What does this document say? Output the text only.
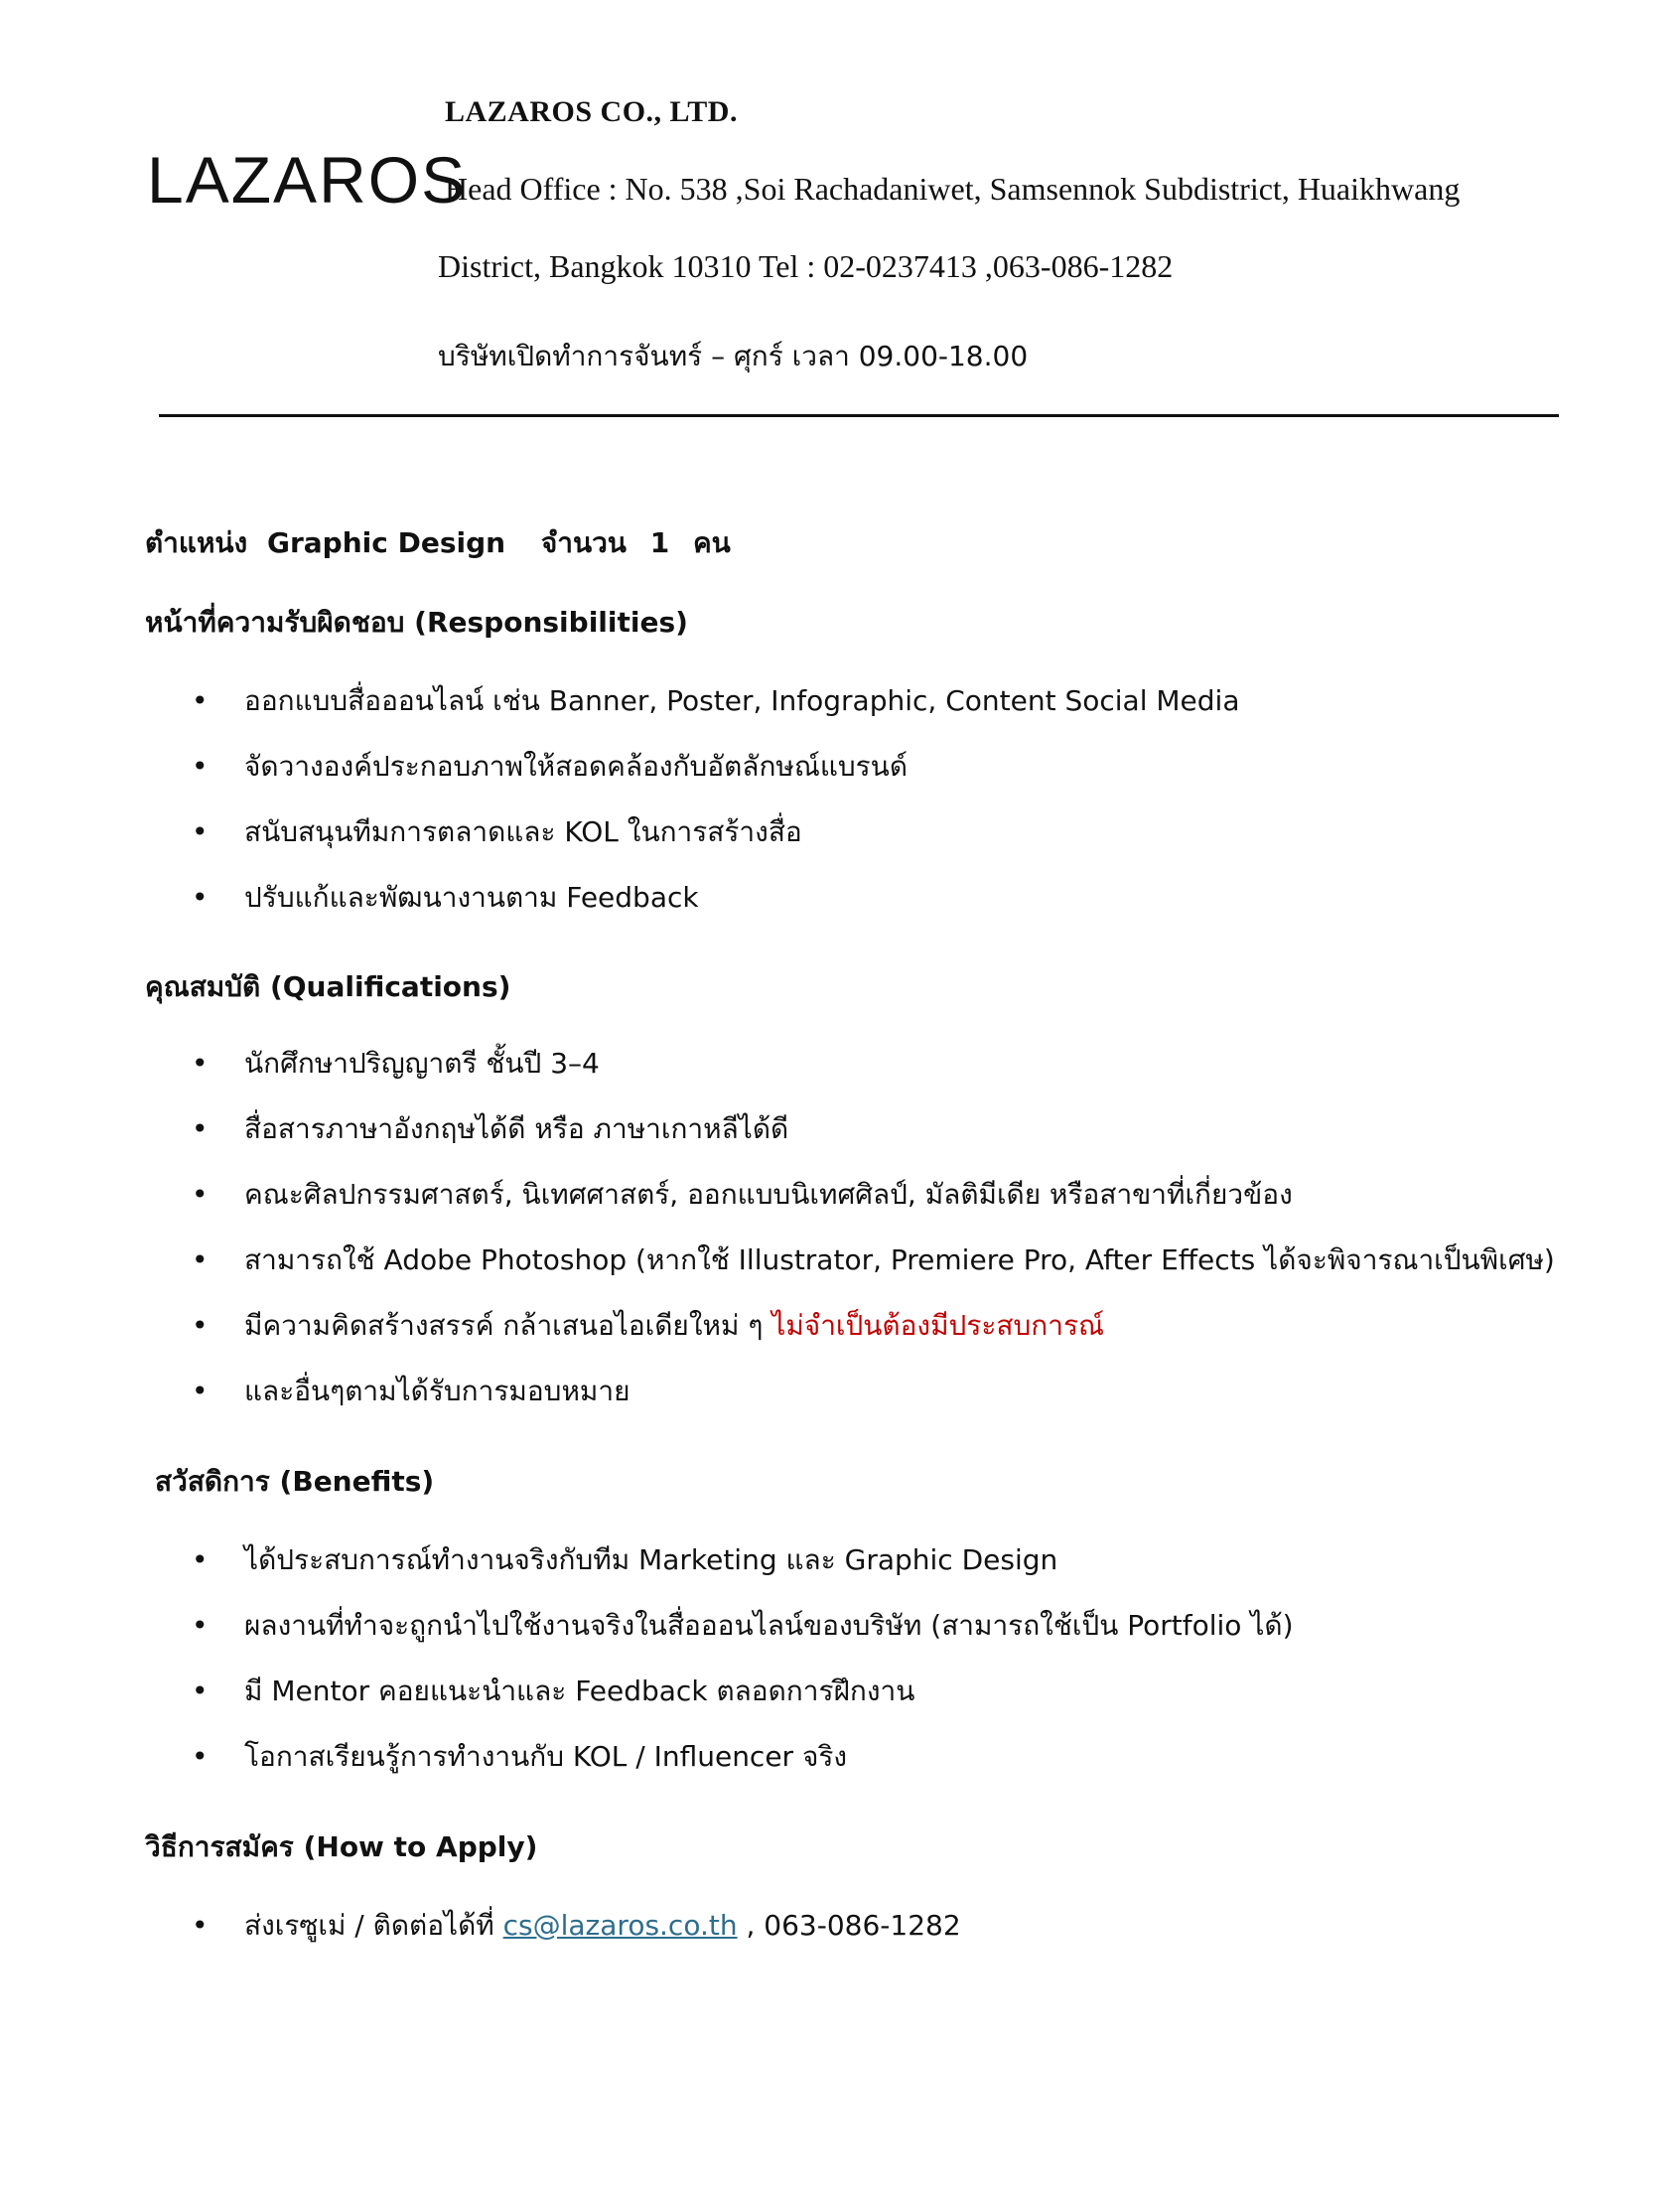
LAZAROS
LAZAROS CO., LTD.
Head Office : No. 538 ,Soi Rachadaniwet, Samsennok Subdistrict, Huaikhwang
District, Bangkok 10310 Tel : 02-0237413 ,063-086-1282
บริษัทเปิดทำการจันทร์ – ศุกร์ เวลา 09.00-18.00
ตำแหน่ง Graphic Design จำนวน 1 คน
หน้าที่ความรับผิดชอบ (Responsibilities)
• ออกแบบสื่อออนไลน์ เช่น Banner, Poster, Infographic, Content Social Media
• จัดวางองค์ประกอบภาพให้สอดคล้องกับอัตลักษณ์แบรนด์
• สนับสนุนทีมการตลาดและ KOL ในการสร้างสื่อ
• ปรับแก้และพัฒนางานตาม Feedback
คุณสมบัติ (Qualifications)
• นักศึกษาปริญญาตรี ชั้นปี 3–4
• สื่อสารภาษาอังกฤษได้ดี หรือ ภาษาเกาหลีได้ดี
• คณะศิลปกรรมศาสตร์, นิเทศศาสตร์, ออกแบบนิเทศศิลป์, มัลติมีเดีย หรือสาขาที่เกี่ยวข้อง
• สามารถใช้ Adobe Photoshop (หากใช้ Illustrator, Premiere Pro, After Effects ได้จะพิจารณาเป็นพิเศษ)
• มีความคิดสร้างสรรค์ กล้าเสนอไอเดียใหม่ ๆ ไม่จำเป็นต้องมีประสบการณ์
• และอื่นๆตามได้รับการมอบหมาย
สวัสดิการ (Benefits)
• ได้ประสบการณ์ทำงานจริงกับทีม Marketing และ Graphic Design
• ผลงานที่ทำจะถูกนำไปใช้งานจริงในสื่อออนไลน์ของบริษัท (สามารถใช้เป็น Portfolio ได้)
• มี Mentor คอยแนะนำและ Feedback ตลอดการฝึกงาน
• โอกาสเรียนรู้การทำงานกับ KOL / Influencer จริง
วิธีการสมัคร (How to Apply)
• ส่งเรซูเม่ / ติดต่อได้ที่ cs@lazaros.co.th , 063-086-1282
